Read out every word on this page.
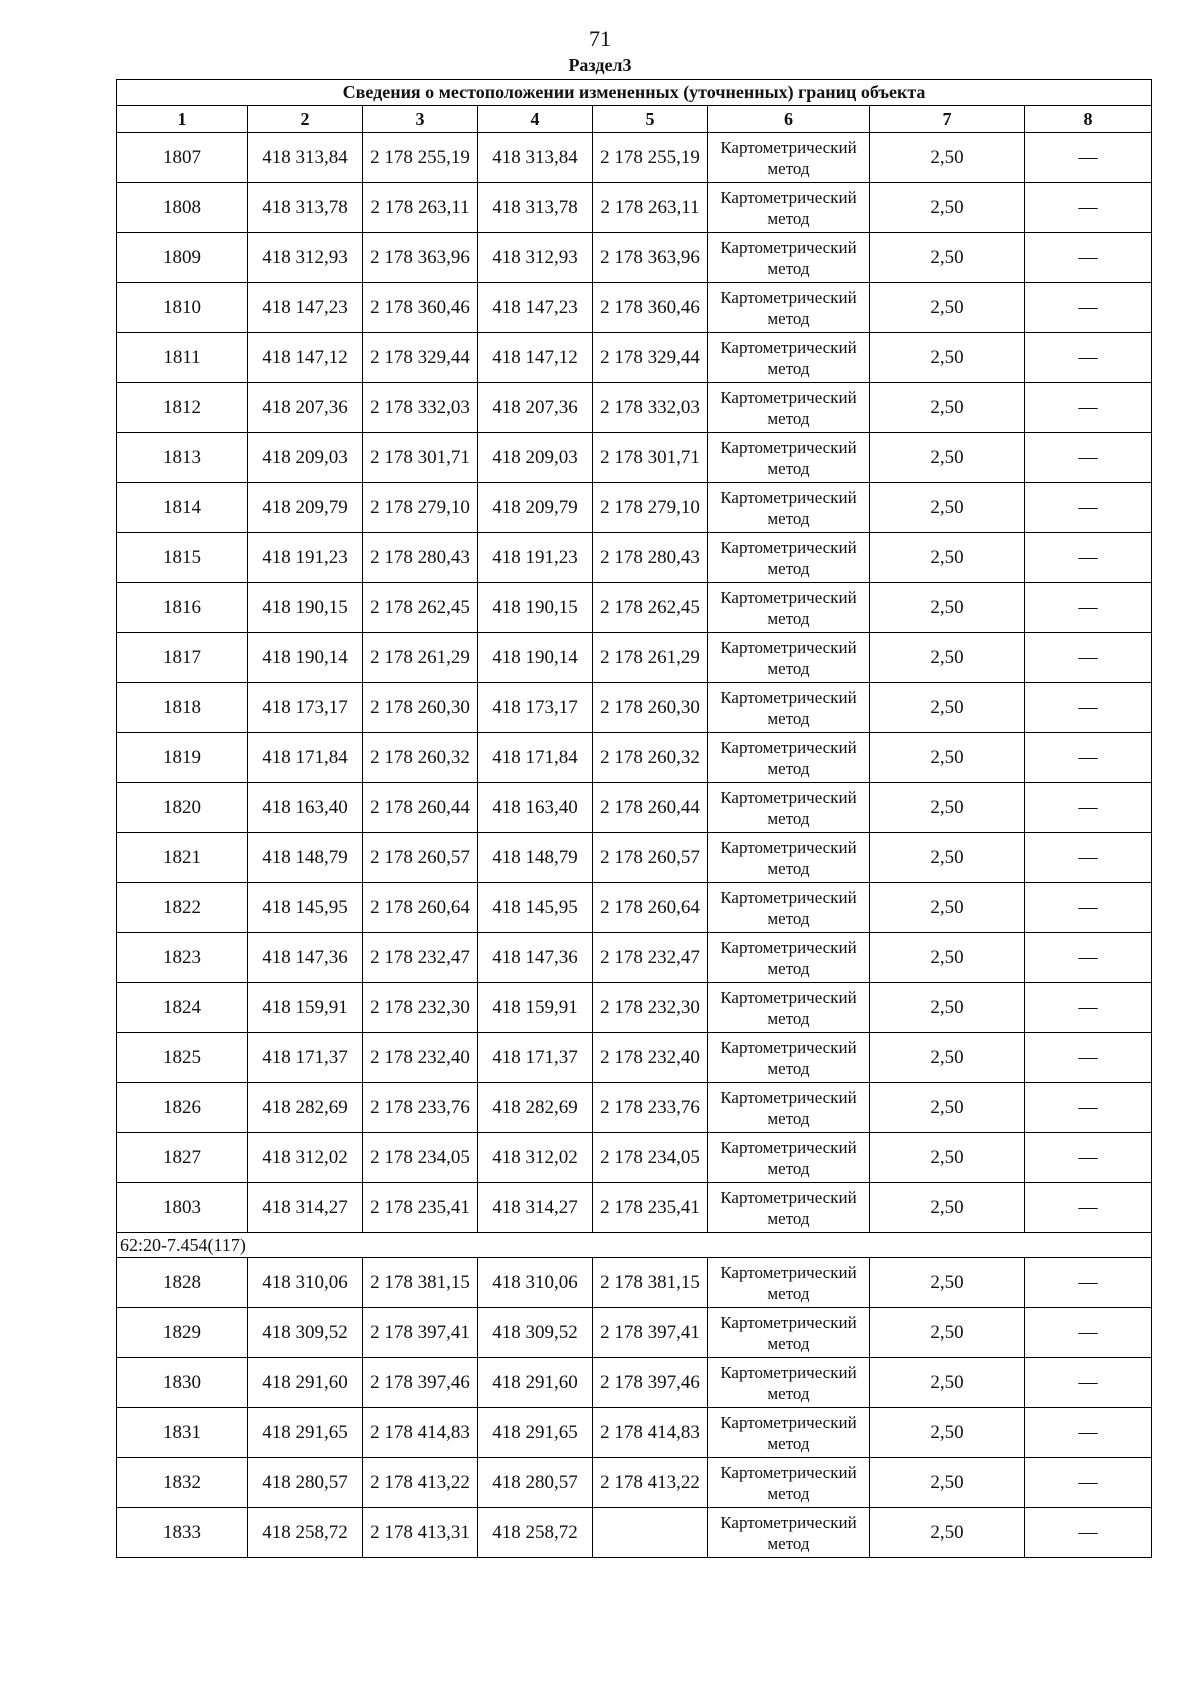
71
Раздел3
Сведения о местоположении измененных (уточненных) границ объекта							
1	2	3	4	5	6	7	8
1807	418 313,84	2 178 255,19	418 313,84	2 178 255,19	Картометрический метод	2,50	—
1808	418 313,78	2 178 263,11	418 313,78	2 178 263,11	Картометрический метод	2,50	—
1809	418 312,93	2 178 363,96	418 312,93	2 178 363,96	Картометрический метод	2,50	—
1810	418 147,23	2 178 360,46	418 147,23	2 178 360,46	Картометрический метод	2,50	—
1811	418 147,12	2 178 329,44	418 147,12	2 178 329,44	Картометрический метод	2,50	—
1812	418 207,36	2 178 332,03	418 207,36	2 178 332,03	Картометрический метод	2,50	—
1813	418 209,03	2 178 301,71	418 209,03	2 178 301,71	Картометрический метод	2,50	—
1814	418 209,79	2 178 279,10	418 209,79	2 178 279,10	Картометрический метод	2,50	—
1815	418 191,23	2 178 280,43	418 191,23	2 178 280,43	Картометрический метод	2,50	—
1816	418 190,15	2 178 262,45	418 190,15	2 178 262,45	Картометрический метод	2,50	—
1817	418 190,14	2 178 261,29	418 190,14	2 178 261,29	Картометрический метод	2,50	—
1818	418 173,17	2 178 260,30	418 173,17	2 178 260,30	Картометрический метод	2,50	—
1819	418 171,84	2 178 260,32	418 171,84	2 178 260,32	Картометрический метод	2,50	—
1820	418 163,40	2 178 260,44	418 163,40	2 178 260,44	Картометрический метод	2,50	—
1821	418 148,79	2 178 260,57	418 148,79	2 178 260,57	Картометрический метод	2,50	—
1822	418 145,95	2 178 260,64	418 145,95	2 178 260,64	Картометрический метод	2,50	—
1823	418 147,36	2 178 232,47	418 147,36	2 178 232,47	Картометрический метод	2,50	—
1824	418 159,91	2 178 232,30	418 159,91	2 178 232,30	Картометрический метод	2,50	—
1825	418 171,37	2 178 232,40	418 171,37	2 178 232,40	Картометрический метод	2,50	—
1826	418 282,69	2 178 233,76	418 282,69	2 178 233,76	Картометрический метод	2,50	—
1827	418 312,02	2 178 234,05	418 312,02	2 178 234,05	Картометрический метод	2,50	—
1803	418 314,27	2 178 235,41	418 314,27	2 178 235,41	Картометрический метод	2,50	—
62:20-7.454(117)							
1828	418 310,06	2 178 381,15	418 310,06	2 178 381,15	Картометрический метод	2,50	—
1829	418 309,52	2 178 397,41	418 309,52	2 178 397,41	Картометрический метод	2,50	—
1830	418 291,60	2 178 397,46	418 291,60	2 178 397,46	Картометрический метод	2,50	—
1831	418 291,65	2 178 414,83	418 291,65	2 178 414,83	Картометрический метод	2,50	—
1832	418 280,57	2 178 413,22	418 280,57	2 178 413,22	Картометрический метод	2,50	—
1833	418 258,72	2 178 413,31	418 258,72		Картометрический метод	2,50	—
